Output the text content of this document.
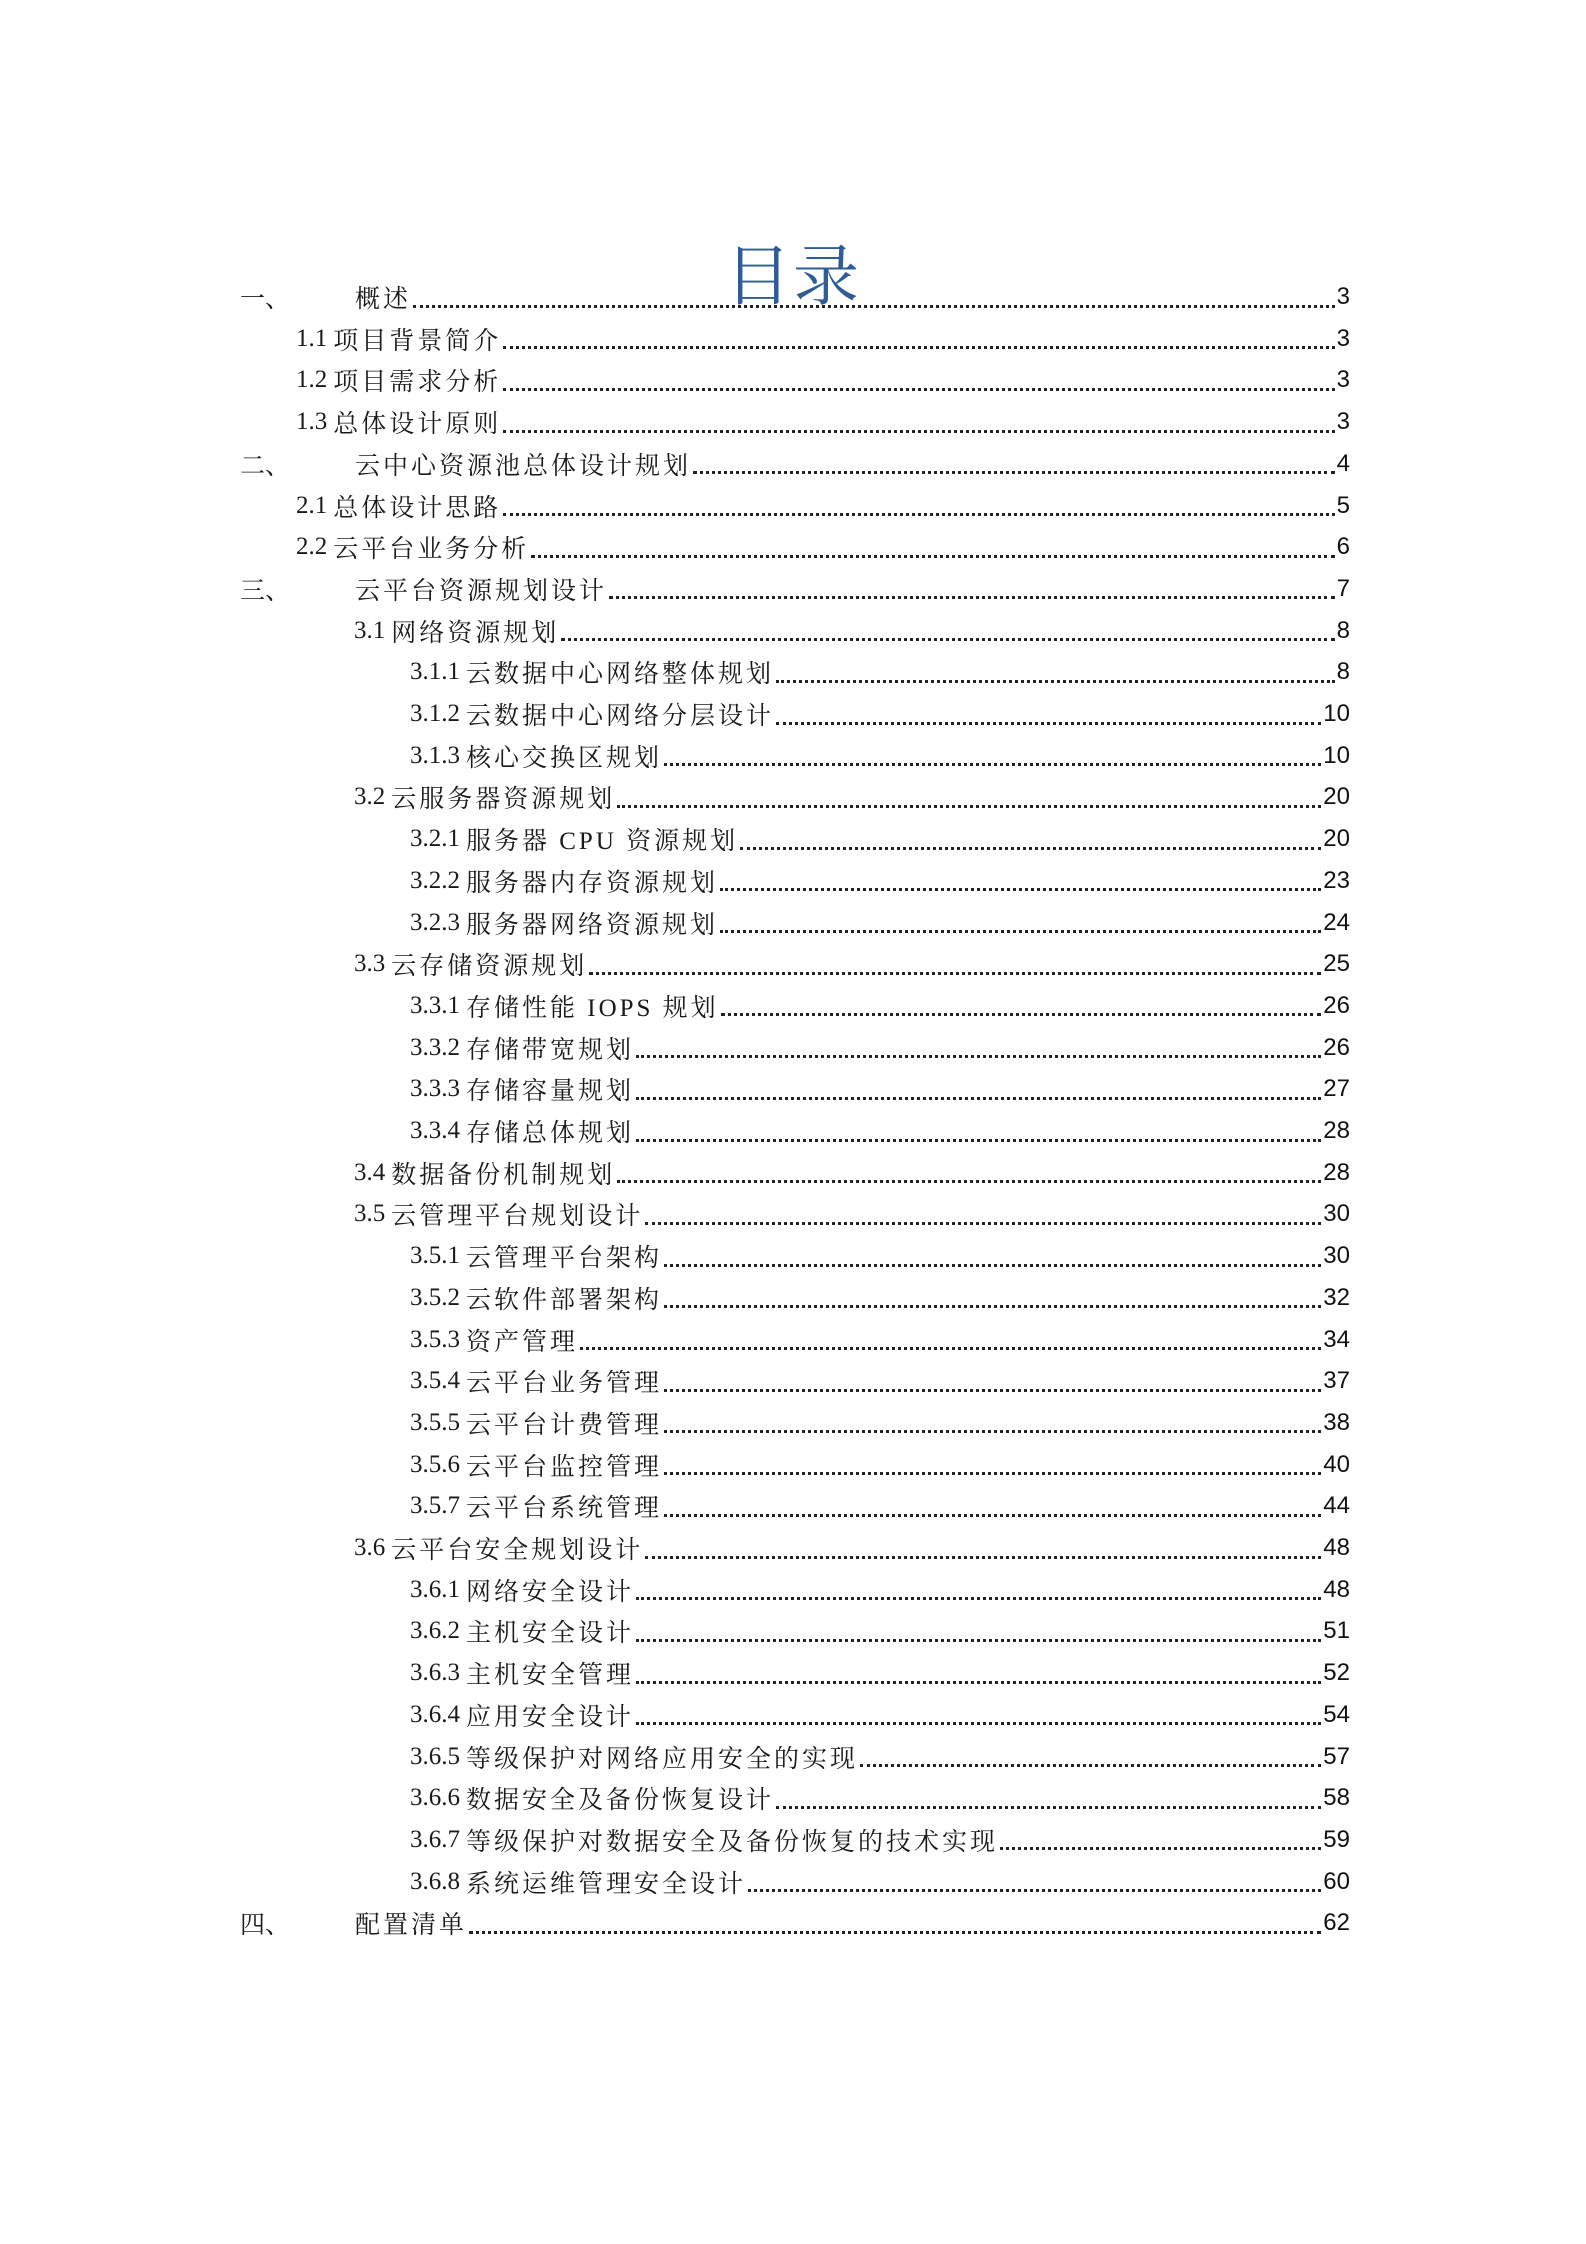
目录
一、	概述	3
1.1 项目背景简介	3
1.2 项目需求分析	3
1.3 总体设计原则	3
二、	云中心资源池总体设计规划	4
2.1 总体设计思路	5
2.2 云平台业务分析	6
三、	云平台资源规划设计	7
3.1 网络资源规划	8
3.1.1 云数据中心网络整体规划	8
3.1.2 云数据中心网络分层设计	10
3.1.3 核心交换区规划	10
3.2 云服务器资源规划	20
3.2.1 服务器 CPU 资源规划	20
3.2.2 服务器内存资源规划	23
3.2.3 服务器网络资源规划	24
3.3 云存储资源规划	25
3.3.1 存储性能 IOPS 规划	26
3.3.2 存储带宽规划	26
3.3.3 存储容量规划	27
3.3.4 存储总体规划	28
3.4 数据备份机制规划	28
3.5 云管理平台规划设计	30
3.5.1 云管理平台架构	30
3.5.2 云软件部署架构	32
3.5.3 资产管理	34
3.5.4 云平台业务管理	37
3.5.5 云平台计费管理	38
3.5.6 云平台监控管理	40
3.5.7 云平台系统管理	44
3.6 云平台安全规划设计	48
3.6.1 网络安全设计	48
3.6.2 主机安全设计	51
3.6.3 主机安全管理	52
3.6.4 应用安全设计	54
3.6.5 等级保护对网络应用安全的实现	57
3.6.6 数据安全及备份恢复设计	58
3.6.7 等级保护对数据安全及备份恢复的技术实现	59
3.6.8 系统运维管理安全设计	60
四、	配置清单	62
